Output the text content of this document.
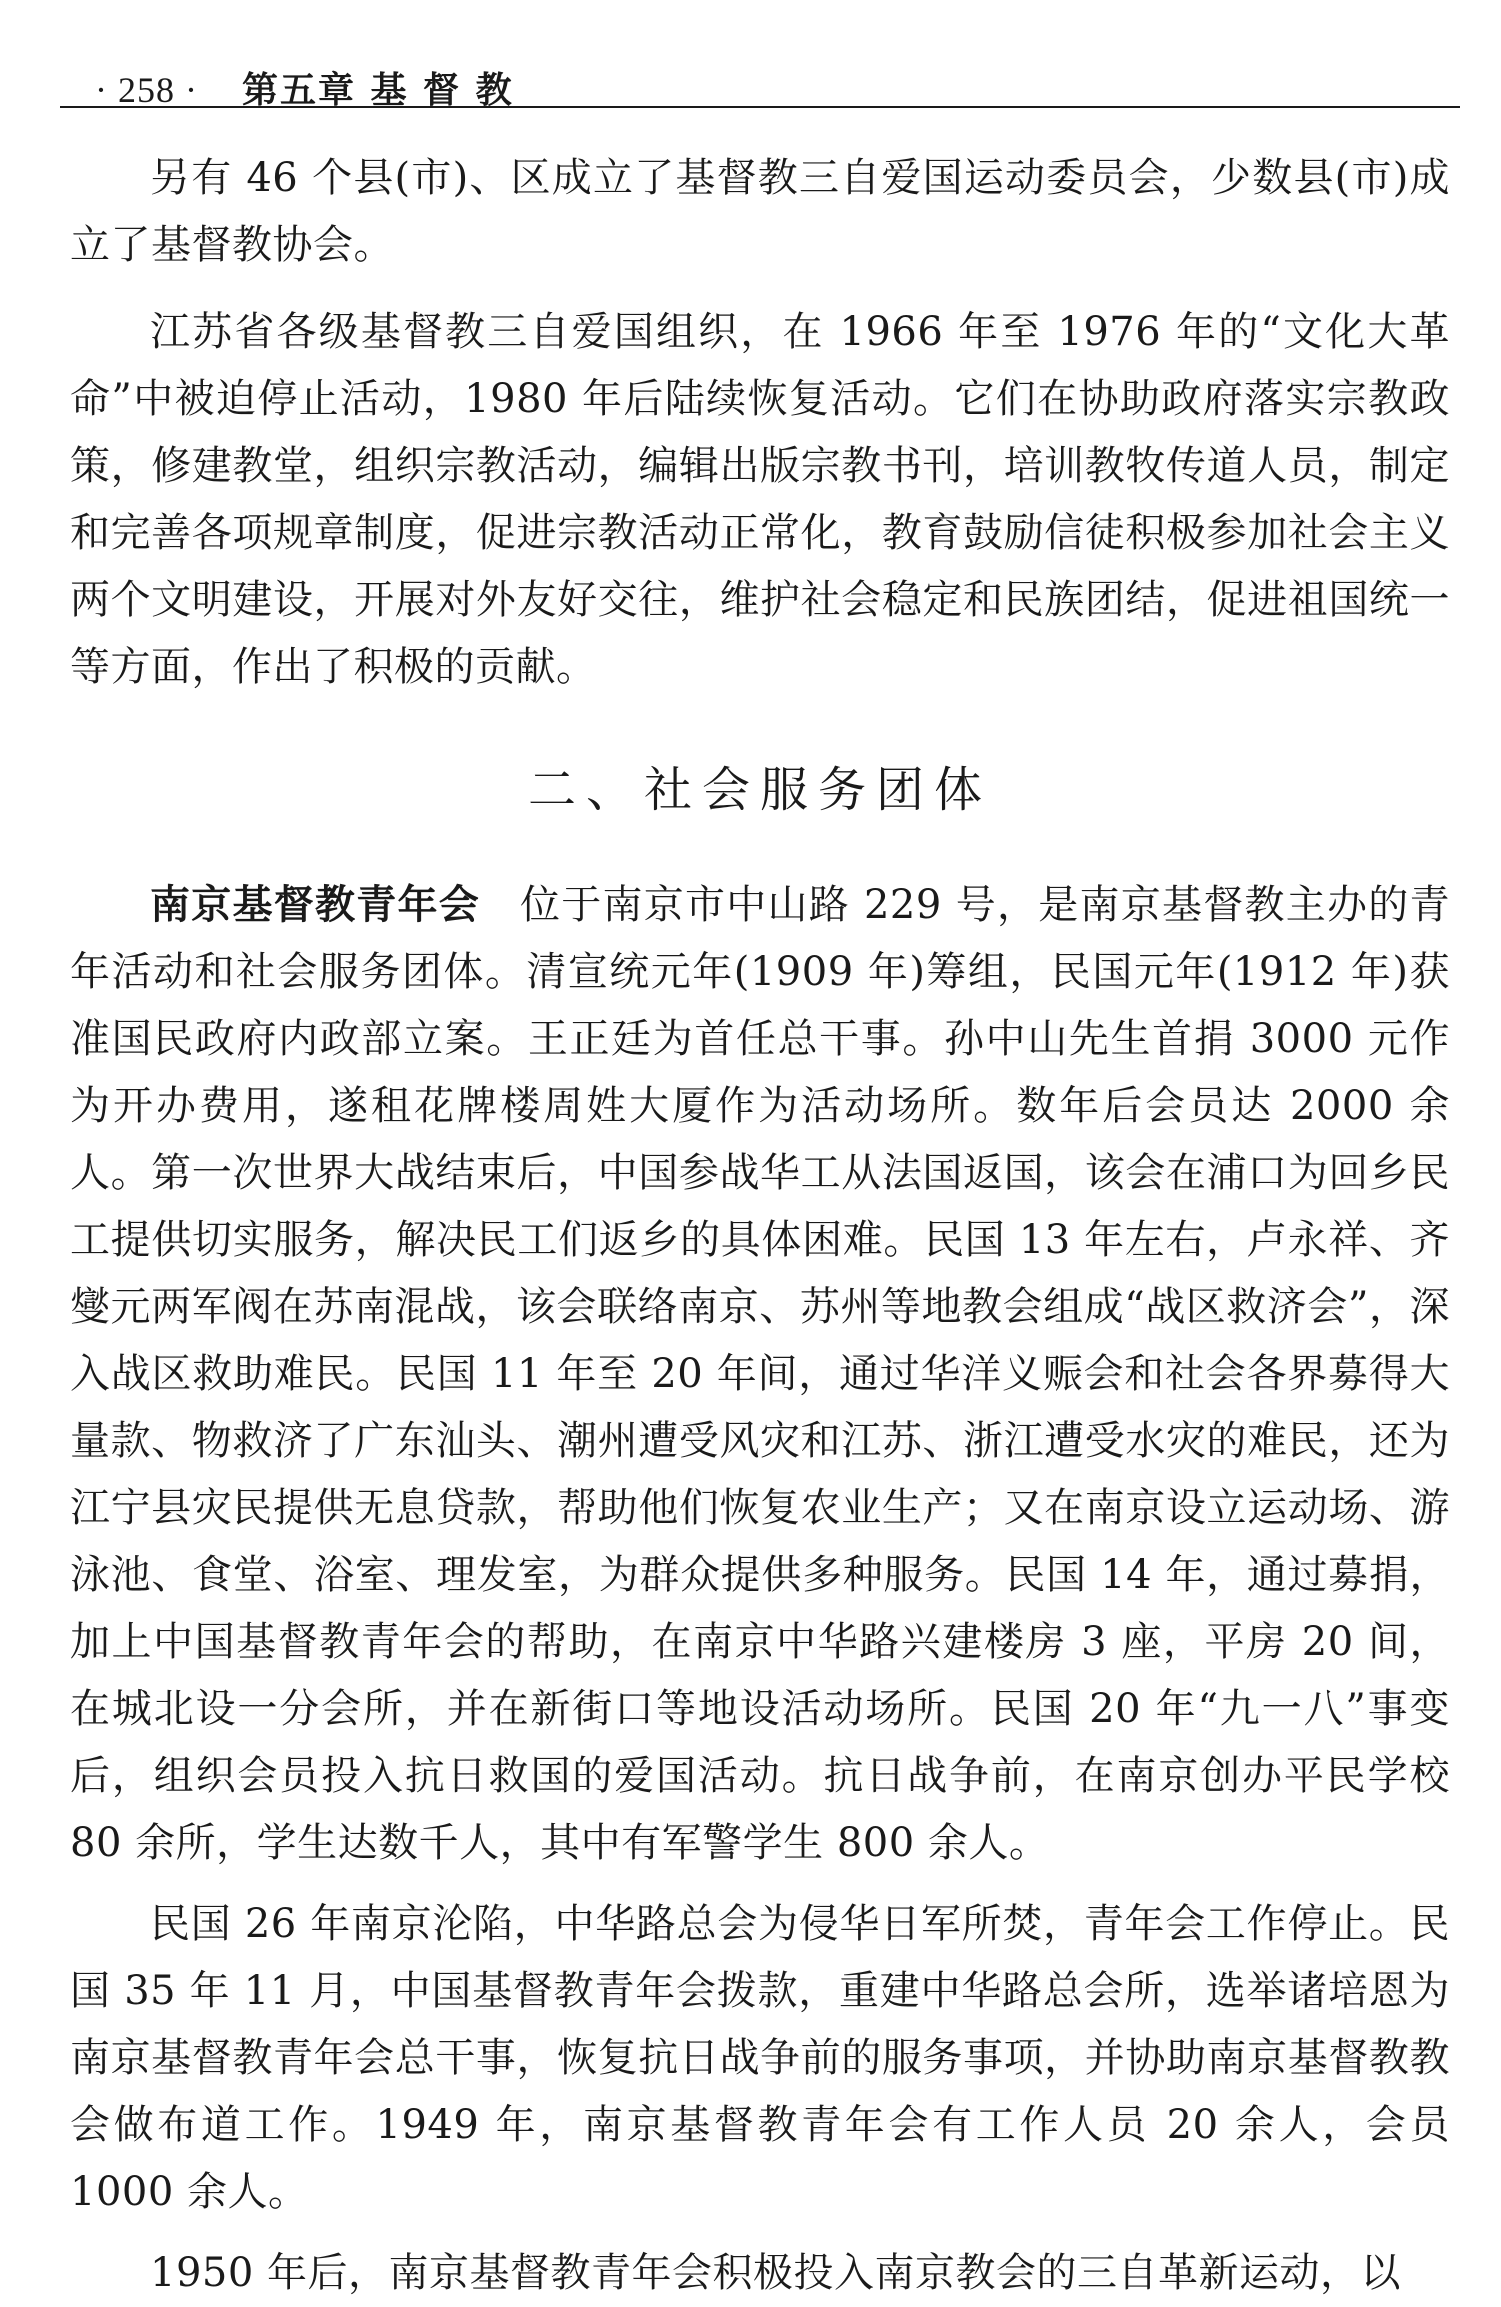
· 258 · 第五章 基 督 教

另有 46 个县(市)、区成立了基督教三自爱国运动委员会，少数县(市)成立了基督教协会。

江苏省各级基督教三自爱国组织，在 1966 年至 1976 年的“文化大革命”中被迫停止活动，1980 年后陆续恢复活动。它们在协助政府落实宗教政策，修建教堂，组织宗教活动，编辑出版宗教书刊，培训教牧传道人员，制定和完善各项规章制度，促进宗教活动正常化，教育鼓励信徒积极参加社会主义两个文明建设，开展对外友好交往，维护社会稳定和民族团结，促进祖国统一等方面，作出了积极的贡献。

二、社会服务团体

南京基督教青年会 位于南京市中山路 229 号，是南京基督教主办的青年活动和社会服务团体。清宣统元年(1909 年)筹组，民国元年(1912 年)获准国民政府内政部立案。王正廷为首任总干事。孙中山先生首捐 3000 元作为开办费用，遂租花牌楼周姓大厦作为活动场所。数年后会员达 2000 余人。第一次世界大战结束后，中国参战华工从法国返国，该会在浦口为回乡民工提供切实服务，解决民工们返乡的具体困难。民国 13 年左右，卢永祥、齐燮元两军阀在苏南混战，该会联络南京、苏州等地教会组成“战区救济会”，深入战区救助难民。民国 11 年至 20 年间，通过华洋义赈会和社会各界募得大量款、物救济了广东汕头、潮州遭受风灾和江苏、浙江遭受水灾的难民，还为江宁县灾民提供无息贷款，帮助他们恢复农业生产；又在南京设立运动场、游泳池、食堂、浴室、理发室，为群众提供多种服务。民国 14 年，通过募捐，加上中国基督教青年会的帮助，在南京中华路兴建楼房 3 座，平房 20 间，在城北设一分会所，并在新街口等地设活动场所。民国 20 年“九一八”事变后，组织会员投入抗日救国的爱国活动。抗日战争前，在南京创办平民学校 80 余所，学生达数千人，其中有军警学生 800 余人。

民国 26 年南京沦陷，中华路总会为侵华日军所焚，青年会工作停止。民国 35 年 11 月，中国基督教青年会拨款，重建中华路总会所，选举诸培恩为南京基督教青年会总干事，恢复抗日战争前的服务事项，并协助南京基督教教会做布道工作。1949 年，南京基督教青年会有工作人员 20 余人，会员 1000 余人。

1950 年后，南京基督教青年会积极投入南京教会的三自革新运动，以
